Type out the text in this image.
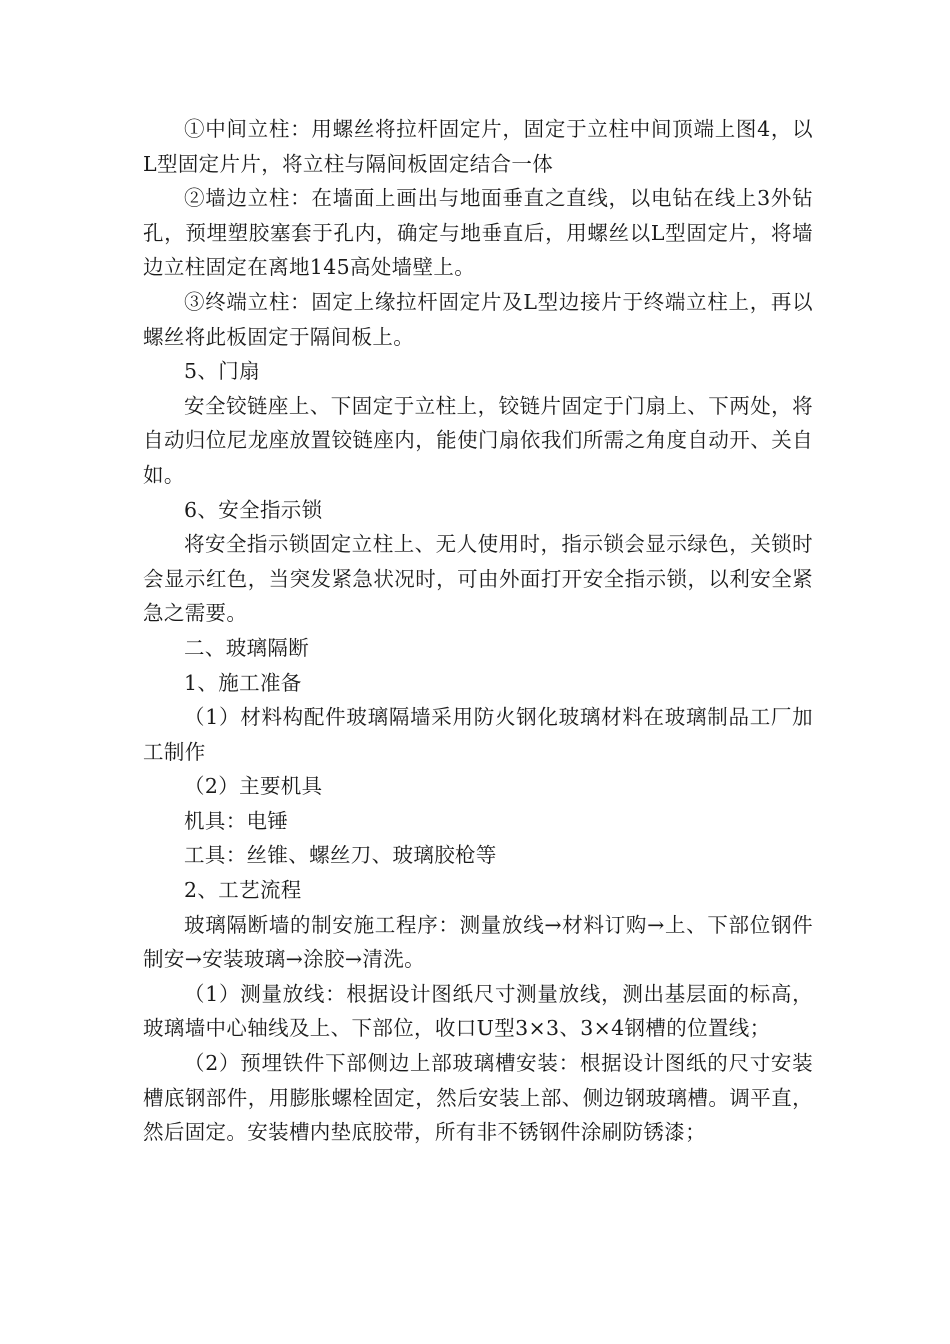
①中间立柱：用螺丝将拉杆固定片，固定于立柱中间顶端上图4，以L型固定片片，将立柱与隔间板固定结合一体

②墙边立柱：在墙面上画出与地面垂直之直线，以电钻在线上3外钻孔，预埋塑胶塞套于孔内，确定与地垂直后，用螺丝以L型固定片，将墙边立柱固定在离地145高处墙壁上。

③终端立柱：固定上缘拉杆固定片及L型边接片于终端立柱上，再以螺丝将此板固定于隔间板上。

5、门扇

安全铰链座上、下固定于立柱上，铰链片固定于门扇上、下两处，将自动归位尼龙座放置铰链座内，能使门扇依我们所需之角度自动开、关自如。

6、安全指示锁

将安全指示锁固定立柱上、无人使用时，指示锁会显示绿色，关锁时会显示红色，当突发紧急状况时，可由外面打开安全指示锁，以利安全紧急之需要。

二、玻璃隔断

1、施工准备

（1）材料构配件玻璃隔墙采用防火钢化玻璃材料在玻璃制品工厂加工制作

（2）主要机具

机具：电锤

工具：丝锥、螺丝刀、玻璃胶枪等

2、工艺流程

玻璃隔断墙的制安施工程序：测量放线→材料订购→上、下部位钢件制安→安装玻璃→涂胶→清洗。

（1）测量放线：根据设计图纸尺寸测量放线，测出基层面的标高，玻璃墙中心轴线及上、下部位，收口U型3×3、3×4钢槽的位置线；

（2）预埋铁件下部侧边上部玻璃槽安装：根据设计图纸的尺寸安装槽底钢部件，用膨胀螺栓固定，然后安装上部、侧边钢玻璃槽。调平直，然后固定。安装槽内垫底胶带，所有非不锈钢件涂刷防锈漆；
